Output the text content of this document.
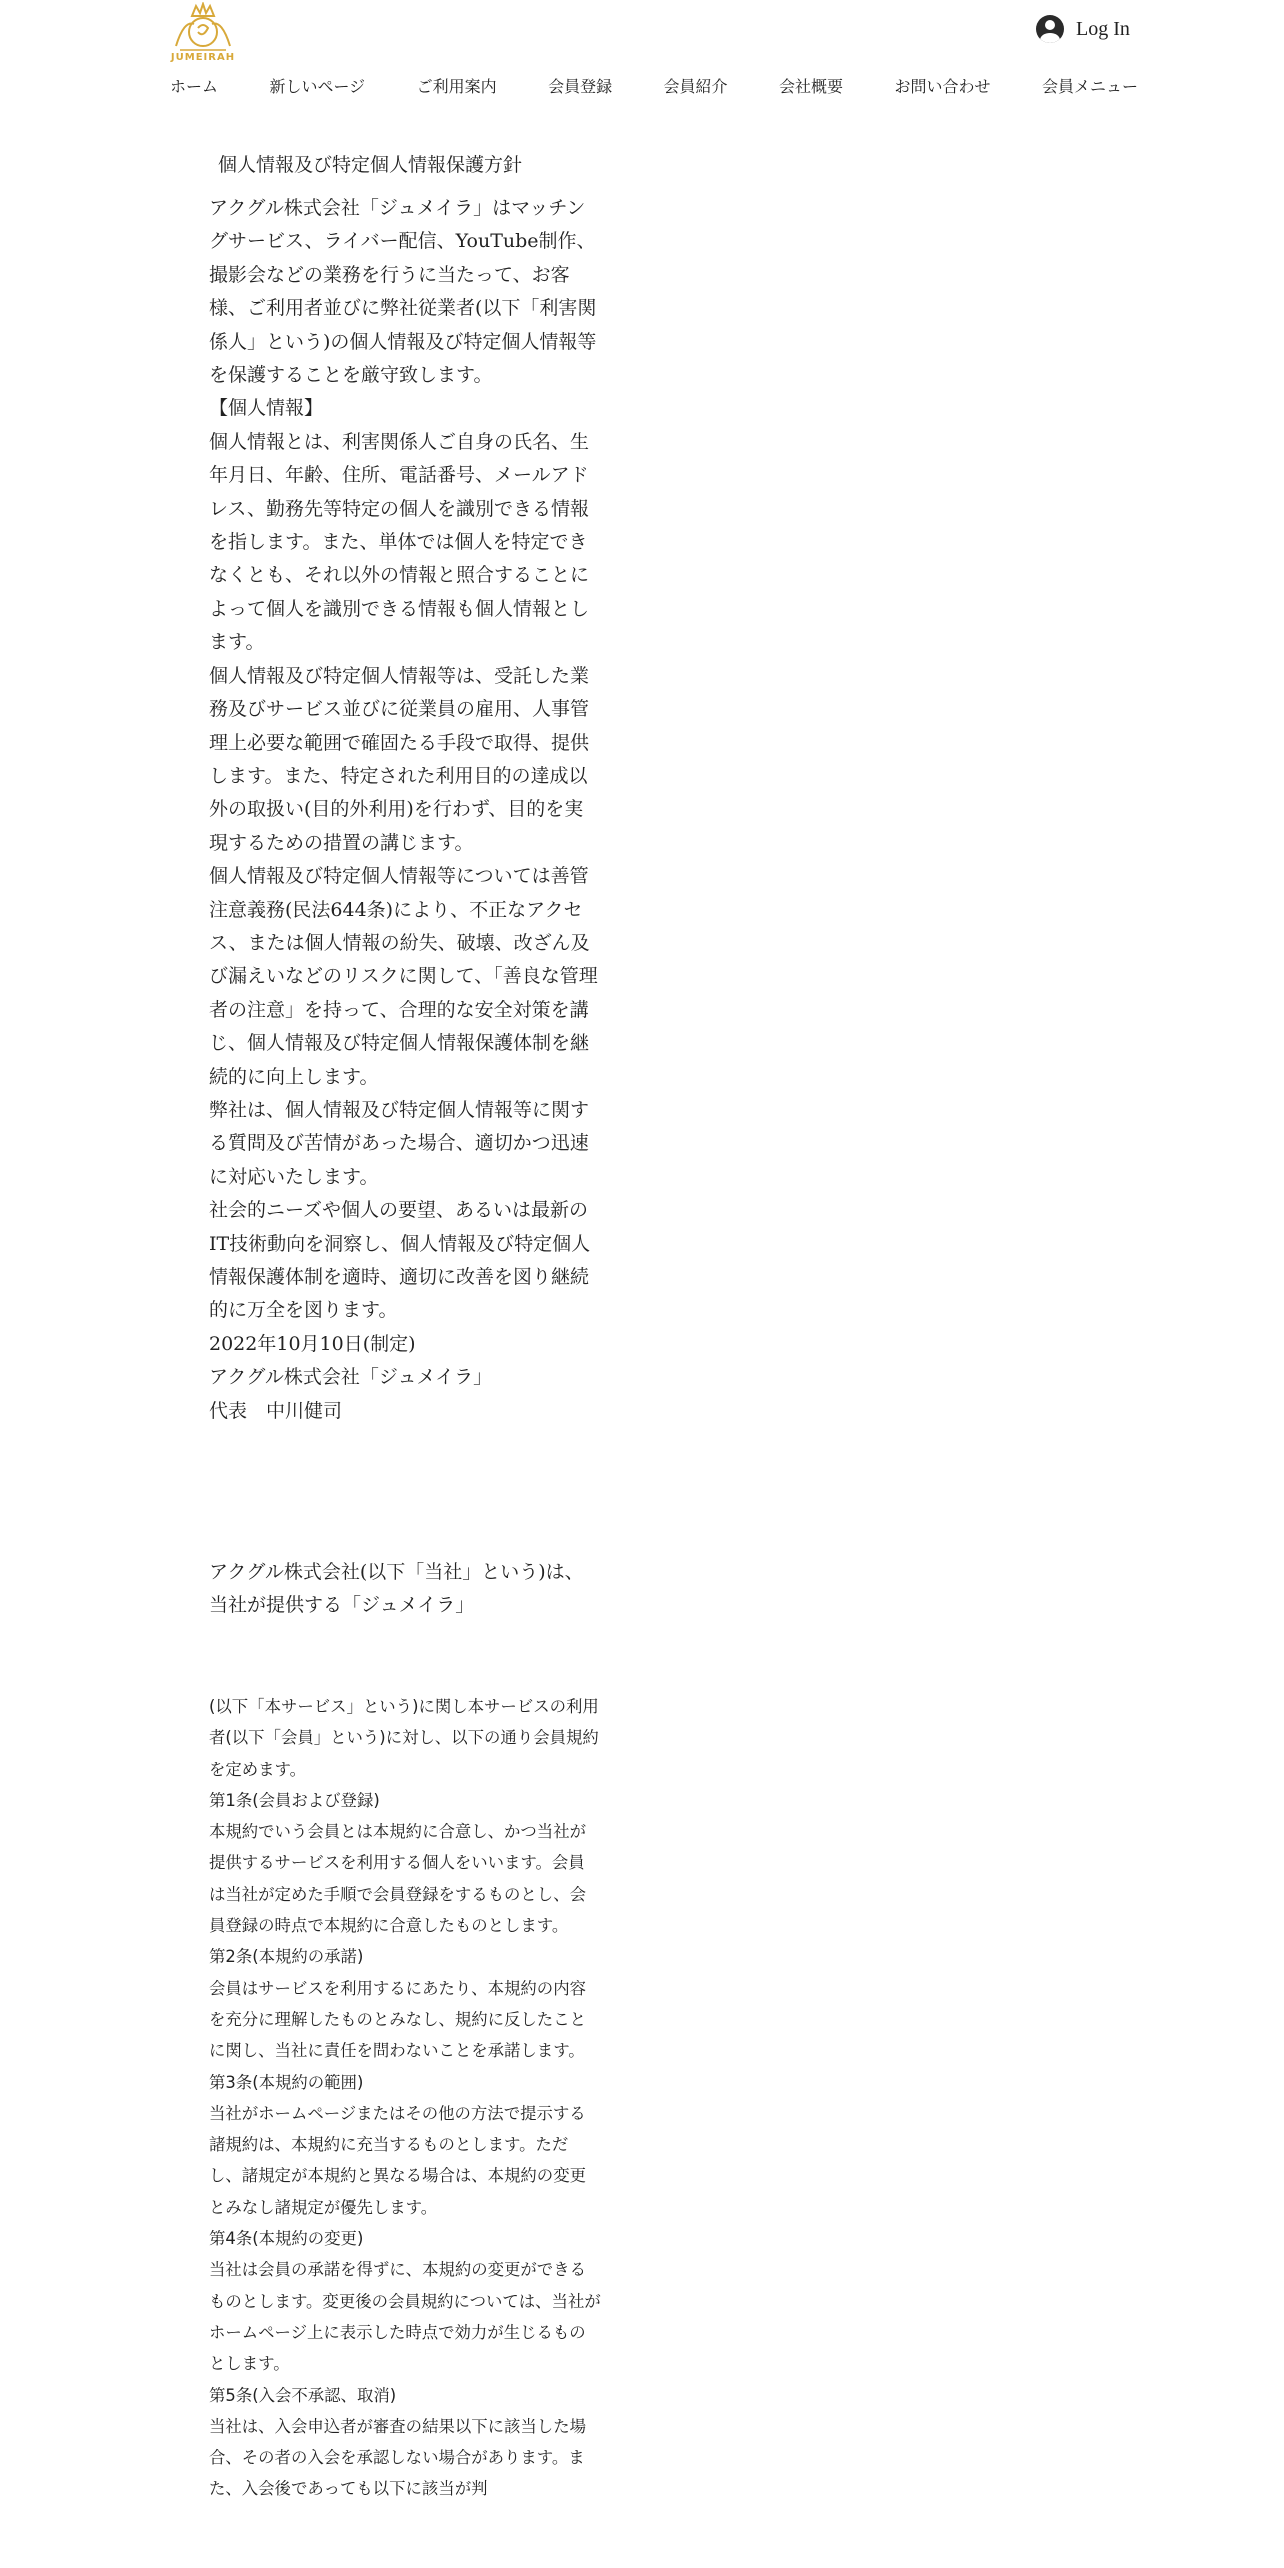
JUMEIRAH
Log In
ホーム	新しいページ	ご利用案内	会員登録	会員紹介	会社概要	お問い合わせ	会員メニュー
個人情報及び特定個人情報保護方針

アクグル株式会社「ジュメイラ」はマッチングサービス、ライバー配信、YouTube制作、撮影会などの業務を行うに当たって、お客様、ご利用者並びに弊社従業者(以下「利害関係人」という)の個人情報及び特定個人情報等を保護することを厳守致します。

【個人情報】

個人情報とは、利害関係人ご自身の氏名、生年月日、年齢、住所、電話番号、メールアドレス、勤務先等特定の個人を識別できる情報を指します。また、単体では個人を特定できなくとも、それ以外の情報と照合することによって個人を識別できる情報も個人情報とします。

個人情報及び特定個人情報等は、受託した業務及びサービス並びに従業員の雇用、人事管理上必要な範囲で確固たる手段で取得、提供します。また、特定された利用目的の達成以外の取扱い(目的外利用)を行わず、目的を実現するための措置の講じます。

個人情報及び特定個人情報等については善管注意義務(民法644条)により、不正なアクセス、または個人情報の紛失、破壊、改ざん及び漏えいなどのリスクに関して、「善良な管理者の注意」を持って、合理的な安全対策を講じ、個人情報及び特定個人情報保護体制を継続的に向上します。

弊社は、個人情報及び特定個人情報等に関する質問及び苦情があった場合、適切かつ迅速に対応いたします。

社会的ニーズや個人の要望、あるいは最新のIT技術動向を洞察し、個人情報及び特定個人情報保護体制を適時、適切に改善を図り継続的に万全を図ります。

2022年10月10日(制定)

アクグル株式会社「ジュメイラ」

代表　中川健司

アクグル株式会社(以下「当社」という)は、当社が提供する「ジュメイラ」

(以下「本サービス」という)に関し本サービスの利用者(以下「会員」という)に対し、以下の通り会員規約を定めます。

第1条(会員および登録)

本規約でいう会員とは本規約に合意し、かつ当社が提供するサービスを利用する個人をいいます。会員は当社が定めた手順で会員登録をするものとし、会員登録の時点で本規約に合意したものとします。

第2条(本規約の承諾)

会員はサービスを利用するにあたり、本規約の内容を充分に理解したものとみなし、規約に反したことに関し、当社に責任を問わないことを承諾します。

第3条(本規約の範囲)

当社がホームページまたはその他の方法で提示する諸規約は、本規約に充当するものとします。ただし、諸規定が本規約と異なる場合は、本規約の変更とみなし諸規定が優先します。

第4条(本規約の変更)

当社は会員の承諾を得ずに、本規約の変更ができるものとします。変更後の会員規約については、当社がホームページ上に表示した時点で効力が生じるものとします。

第5条(入会不承認、取消)

当社は、入会申込者が審査の結果以下に該当した場合、その者の入会を承認しない場合があります。また、入会後であっても以下に該当が判
